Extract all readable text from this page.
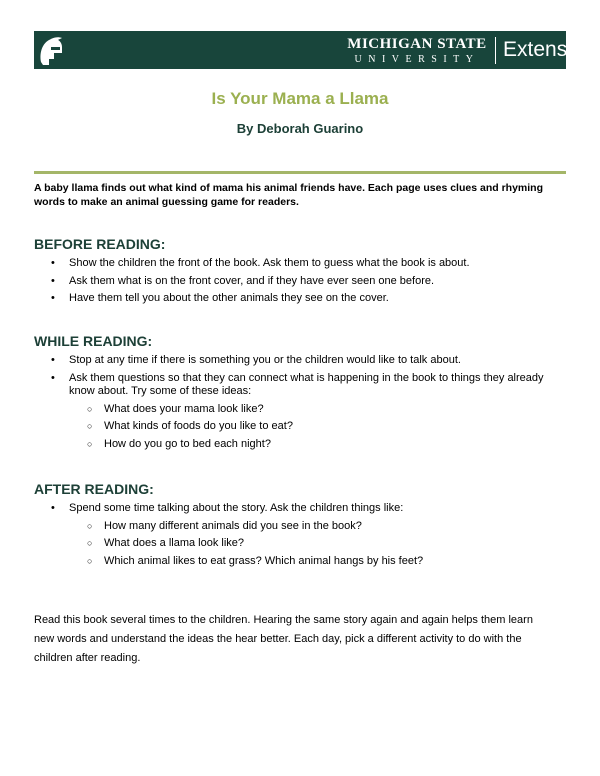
MICHIGAN STATE
UNIVERSITY	Extension
Is Your Mama a Llama
By Deborah Guarino
A baby llama finds out what kind of mama his animal friends have. Each page uses clues and rhyming words to make an animal guessing game for readers.
BEFORE READING:
• Show the children the front of the book. Ask them to guess what the book is about.
• Ask them what is on the front cover, and if they have ever seen one before.
• Have them tell you about the other animals they see on the cover.
WHILE READING:
• Stop at any time if there is something you or the children would like to talk about.
• Ask them questions so that they can connect what is happening in the book to things they already know about. Try some of these ideas:
○ What does your mama look like?
○ What kinds of foods do you like to eat?
○ How do you go to bed each night?
AFTER READING:
• Spend some time talking about the story. Ask the children things like:
○ How many different animals did you see in the book?
○ What does a llama look like?
○ Which animal likes to eat grass? Which animal hangs by his feet?
Read this book several times to the children. Hearing the same story again and again helps them learn new words and understand the ideas the hear better. Each day, pick a different activity to do with the children after reading.
